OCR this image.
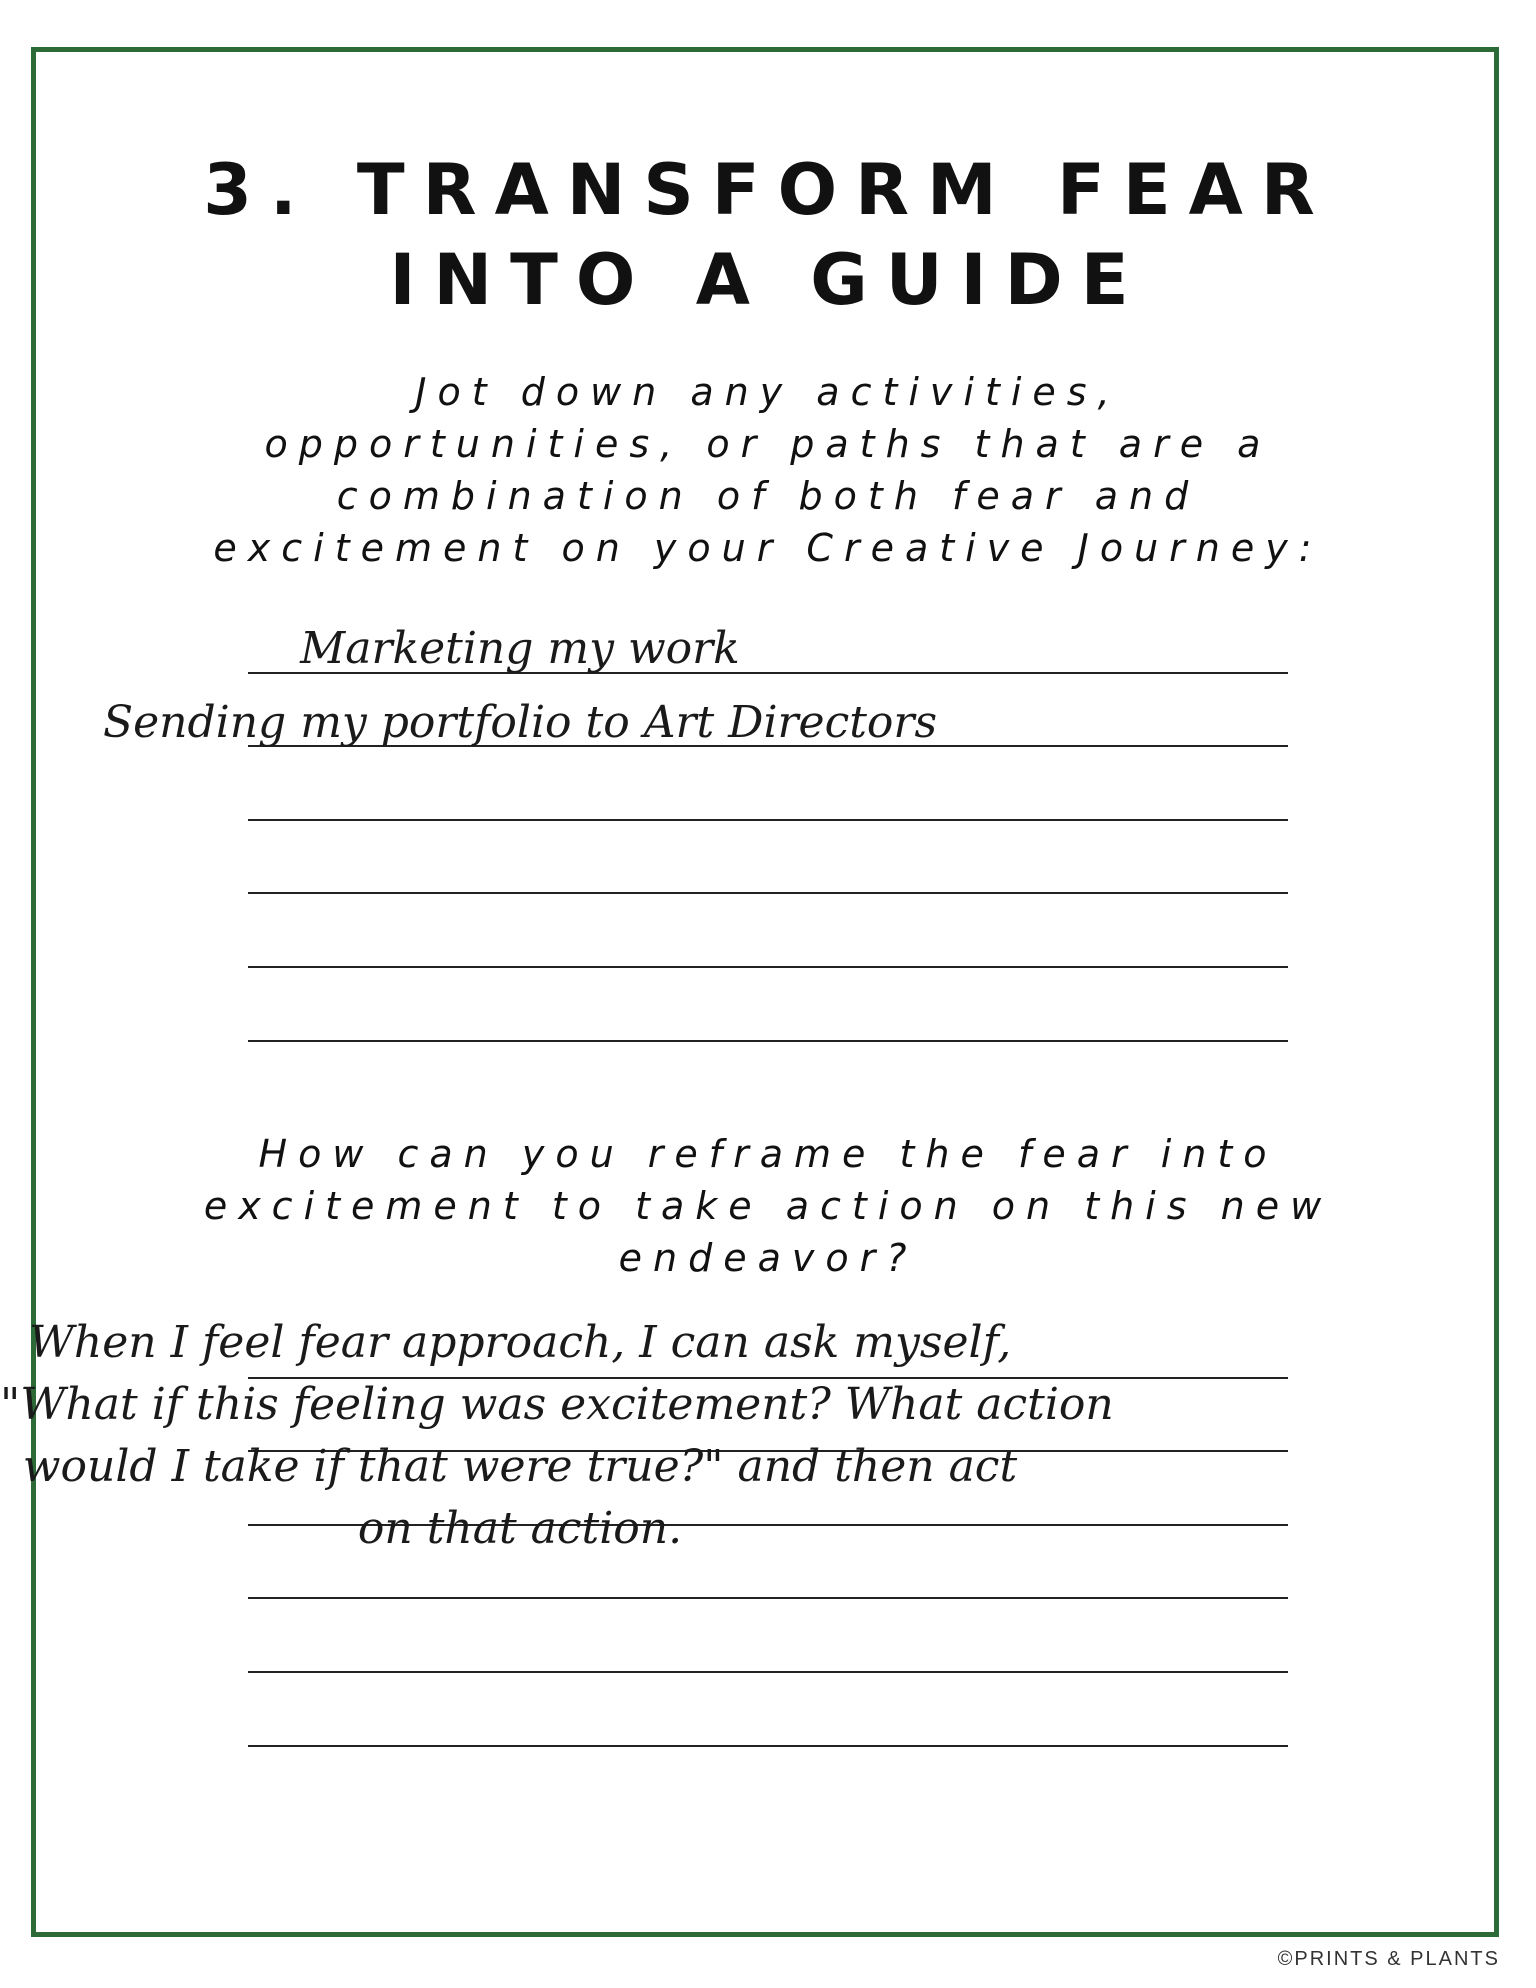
3. TRANSFORM FEAR
INTO A GUIDE

Jot down any activities,
opportunities, or paths that are a
combination of both fear and
excitement on your Creative Journey:

Marketing my work
Sending my portfolio to Art Directors

How can you reframe the fear into
excitement to take action on this new
endeavor?

When I feel fear approach, I can ask myself,
"What if this feeling was excitement? What action
would I take if that were true?" and then act
on that action.
©PRINTS & PLANTS
